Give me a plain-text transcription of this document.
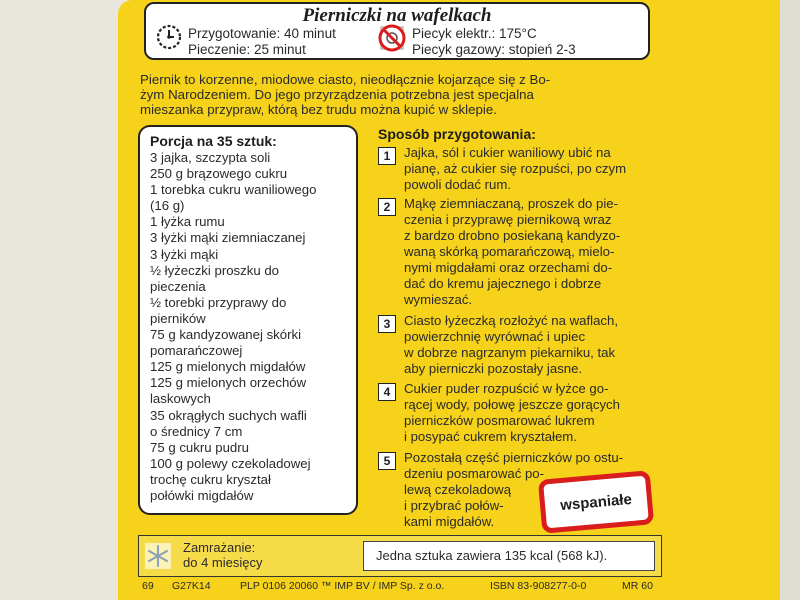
Pierniczki na wafelkach
Przygotowanie: 40 minut
Pieczenie: 25 minut
Piecyk elektr.: 175°C
Piecyk gazowy: stopień 2-3
Piernik to korzenne, miodowe ciasto, nieodłącznie kojarzące się z Bo-
żym Narodzeniem. Do jego przyrządzenia potrzebna jest specjalna
mieszanka przypraw, którą bez trudu można kupić w sklepie.
Porcja na 35 sztuk:
3 jajka, szczypta soli
250 g brązowego cukru
1 torebka cukru waniliowego
(16 g)
1 łyżka rumu
3 łyżki mąki ziemniaczanej
3 łyżki mąki
½ łyżeczki proszku do
pieczenia
½ torebki przyprawy do
pierników
75 g kandyzowanej skórki
pomarańczowej
125 g mielonych migdałów
125 g mielonych orzechów
laskowych
35 okrągłych suchych wafli
o średnicy 7 cm
75 g cukru pudru
100 g polewy czekoladowej
trochę cukru kryształ
połówki migdałów
Sposób przygotowania:
1	Jajka, sól i cukier waniliowy ubić na
pianę, aż cukier się rozpuści, po czym
powoli dodać rum.
2	Mąkę ziemniaczaną, proszek do pie-
czenia i przyprawę piernikową wraz
z bardzo drobno posiekaną kandyzo-
waną skórką pomarańczową, mielo-
nymi migdałami oraz orzechami do-
dać do kremu jajecznego i dobrze
wymieszać.
3	Ciasto łyżeczką rozłożyć na waflach,
powierzchnię wyrównać i upiec
w dobrze nagrzanym piekarniku, tak
aby pierniczki pozostały jasne.
4	Cukier puder rozpuścić w łyżce go-
rącej wody, połowę jeszcze gorących
pierniczków posmarować lukrem
i posypać cukrem kryształem.
5	Pozostałą część pierniczków po ostu-
dzeniu posmarować po-
lewą czekoladową
i przybrać połów-
kami migdałów.
wspaniałe
Zamrażanie:
do 4 miesięcy	Jedna sztuka zawiera 135 kcal (568 kJ).
69 G27K14	PLP 0106 20060 ™ IMP BV / IMP Sp. z o.o.	ISBN 83-908277-0-0	MR 60
